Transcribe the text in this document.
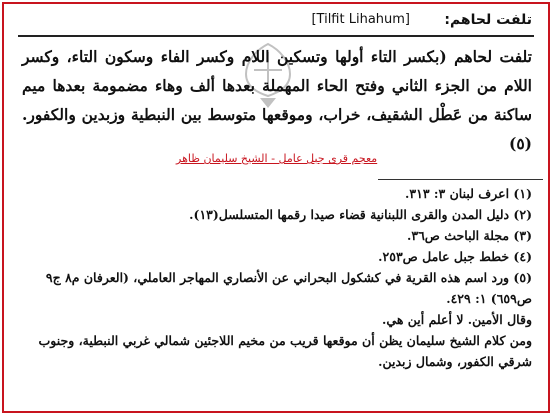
تلفت لحاهم:
[Tilfit Lihahum]
تلفت لحاهم (بكسر التاء أولها وتسكين اللام وكسر الفاء وسكون التاء، وكسر اللام من الجزء الثاني وفتح الحاء المهملة بعدها ألف وهاء مضمومة بعدها ميم ساكنة من عَطْل الشقيف، خراب، وموقعها متوسط بين النبطية وزبدين والكفور.(٥)
معجم قرى جبل عامل - الشيخ سليمان ظاهر

(١) اعرف لبنان ٣: ٣١٣.

(٢) دليل المدن والقرى اللبنانية قضاء صيدا رقمها المتسلسل(١٣).

(٣) مجلة الباحث ص٣٦.

(٤) خطط جبل عامل ص٢٥٣.

(٥) ورد اسم هذه القرية في كشكول البحراني عن الأنصاري المهاجر العاملي، (العرفان م٨ ج٩ ص٦٥٩) ١: ٤٢٩.

وقال الأمين. لا أعلم أين هي.

ومن كلام الشيخ سليمان يظن أن موقعها قريب من مخيم اللاجئين شمالي غربي النبطية، وجنوب شرقي الكفور، وشمال زبدين.
